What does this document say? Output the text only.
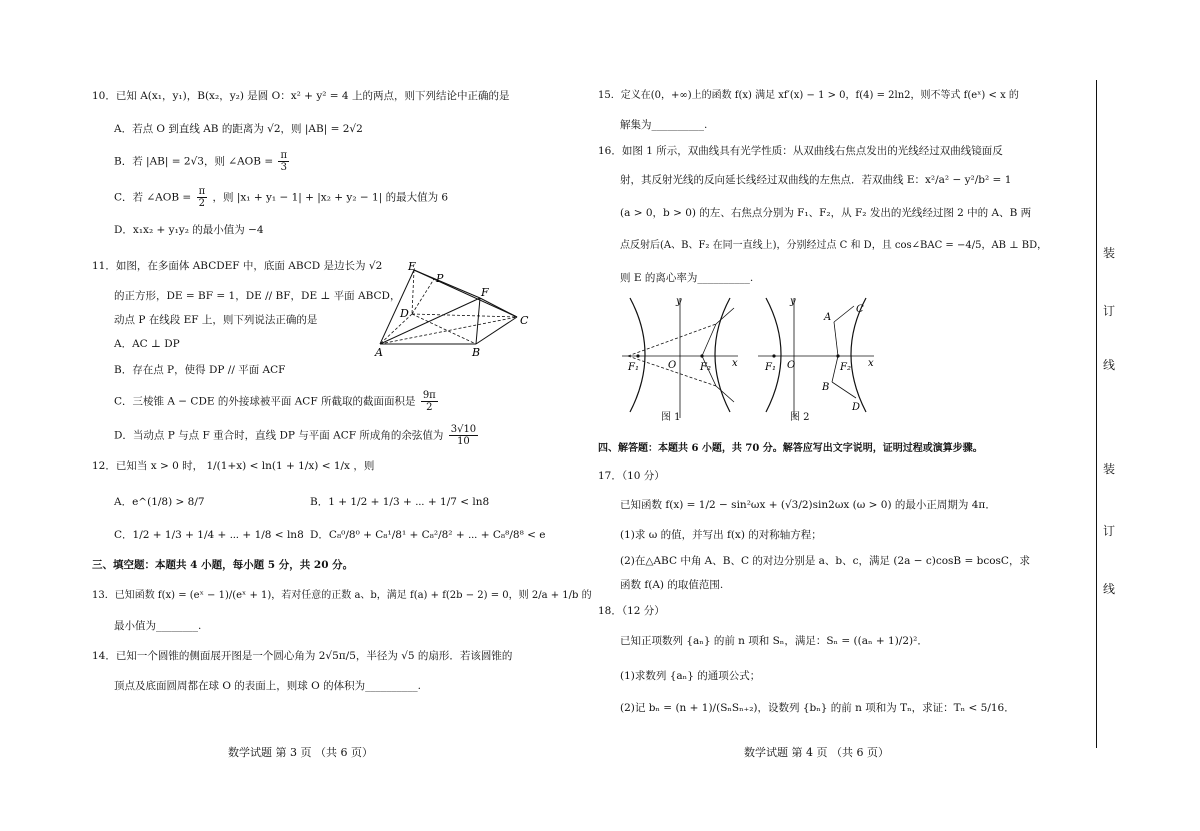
10．已知 A(x₁，y₁)，B(x₂，y₂) 是圆 O：x² + y² = 4 上的两点，则下列结论中正确的是
A．若点 O 到直线 AB 的距离为 √2，则 |AB| = 2√2
B．若 |AB| = 2√3，则 ∠AOB = $\frac{\pi}{3}$
C．若 ∠AOB = $\frac{\pi}{2}$ ，则 |x₁ + y₁ − 1| + |x₂ + y₂ − 1| 的最大值为 6
D．x₁x₂ + y₁y₂ 的最小值为 −4
11．如图，在多面体 ABCDEF 中，底面 ABCD 是边长为 √2
的正方形，DE = BF = 1，DE // BF，DE ⊥ 平面 ABCD，
动点 P 在线段 EF 上，则下列说法正确的是
A．AC ⊥ DP
B．存在点 P，使得 DP // 平面 ACF
C．三棱锥 A − CDE 的外接球被平面 ACF 所截取的截面面积是 $\frac{9\pi}{2}$
D．当动点 P 与点 F 重合时，直线 DP 与平面 ACF 所成角的余弦值为 $\frac{3√10}{10}$
E
P
F
D
C
A	B
12．已知当 x > 0 时， 1/(1+x) < ln(1 + 1/x) < 1/x ，则
A．e^(1/8) > 8/7	B．1 + 1/2 + 1/3 + ⋯ + 1/7 < ln8
C．1/2 + 1/3 + 1/4 + ⋯ + 1/8 < ln8 D．C₈⁰/8⁰ + C₈¹/8¹ + C₈²/8² + ⋯ + C₈⁸/8⁸ < e
三、填空题：本题共 4 小题，每小题 5 分，共 20 分。
13．已知函数 f(x) = (eˣ − 1)/(eˣ + 1)，若对任意的正数 a、b，满足 f(a) + f(2b − 2) = 0，则 2/a + 1/b 的
最小值为________.
14．已知一个圆锥的侧面展开图是一个圆心角为 2√5π/5，半径为 √5 的扇形．若该圆锥的
顶点及底面圆周都在球 O 的表面上，则球 O 的体积为__________.
数学试题 第 3 页 （共 6 页）
15．定义在(0，+∞)上的函数 f(x) 满足 xf′(x) − 1 > 0，f(4) = 2ln2，则不等式 f(eˣ) < x 的
解集为__________.
16．如图 1 所示，双曲线具有光学性质：从双曲线右焦点发出的光线经过双曲线镜面反
射，其反射光线的反向延长线经过双曲线的左焦点．若双曲线 E：x²/a² − y²/b² = 1
(a > 0，b > 0) 的左、右焦点分别为 F₁、F₂，从 F₂ 发出的光线经过图 2 中的 A、B 两
点反射后(A、B、F₂ 在同一直线上)，分别经过点 C 和 D，且 cos∠BAC = −4/5，AB ⊥ BD，
则 E 的离心率为__________.
y
x
O
F₁	F₂
图 1
y
x
O
F₁	F₂
A
C
B
D
图 2
四、解答题：本题共 6 小题，共 70 分。解答应写出文字说明，证明过程或演算步骤。
17．（10 分）
已知函数 f(x) = 1/2 − sin²ωx + (√3/2)sin2ωx (ω > 0) 的最小正周期为 4π．
(1)求 ω 的值，并写出 f(x) 的对称轴方程；
(2)在△ABC 中角 A、B、C 的对边分别是 a、b、c，满足 (2a − c)cosB = bcosC，求
函数 f(A) 的取值范围.
18．（12 分）
已知正项数列 {aₙ} 的前 n 项和 Sₙ，满足：Sₙ = ((aₙ + 1)/2)²．
(1)求数列 {aₙ} 的通项公式；
(2)记 bₙ = (n + 1)/(SₙSₙ₊₂)，设数列 {bₙ} 的前 n 项和为 Tₙ，求证：Tₙ < 5/16．
数学试题 第 4 页 （共 6 页）
装
订
线
装
订
线
